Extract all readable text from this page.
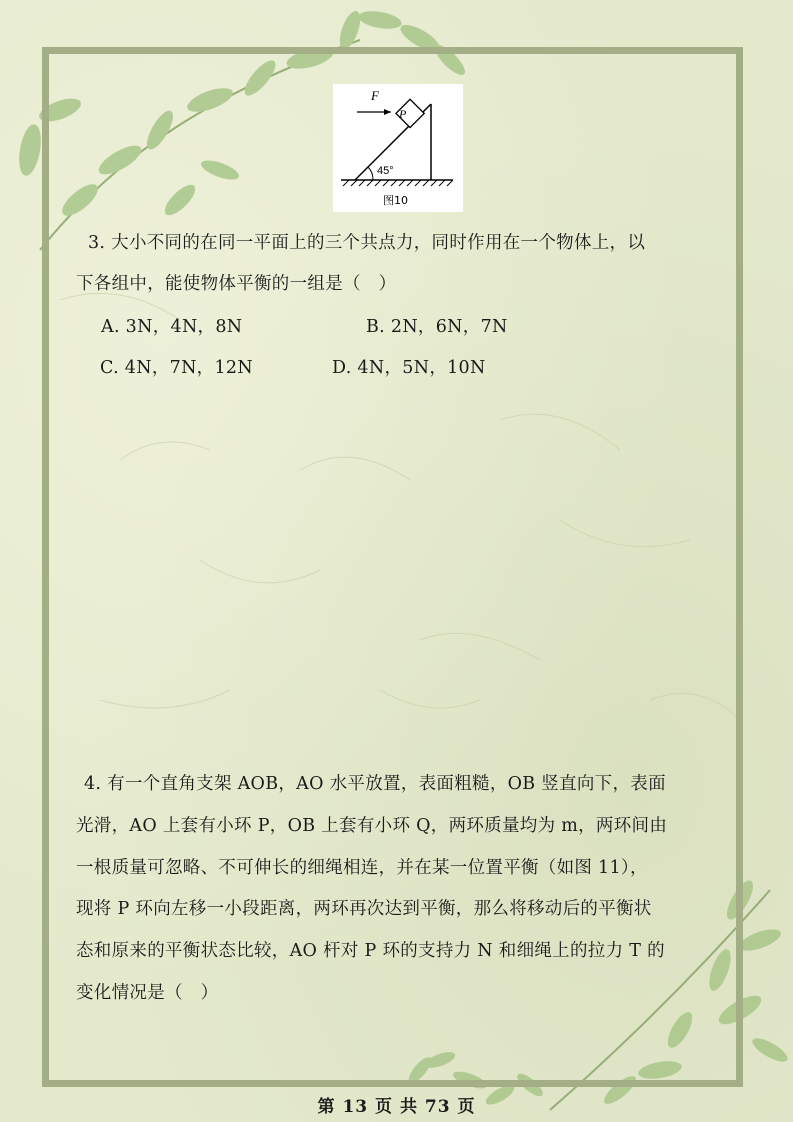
F
P
45°
图10
3. 大小不同的在同一平面上的三个共点力，同时作用在一个物体上，以
下各组中，能使物体平衡的一组是（　）
A. 3N，4N，8N	B. 2N，6N，7N
C. 4N，7N，12N	D. 4N，5N，10N
4. 有一个直角支架 AOB，AO 水平放置，表面粗糙，OB 竖直向下，表面
光滑，AO 上套有小环 P，OB 上套有小环 Q，两环质量均为 m，两环间由
一根质量可忽略、不可伸长的细绳相连，并在某一位置平衡（如图 11），
现将 P 环向左移一小段距离，两环再次达到平衡，那么将移动后的平衡状
态和原来的平衡状态比较，AO 杆对 P 环的支持力 N 和细绳上的拉力 T 的
变化情况是（　）
第 13 页 共 73 页
